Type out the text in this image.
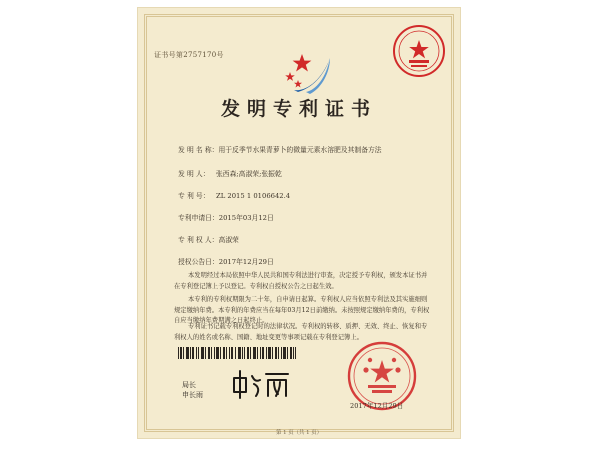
证书号第2757170号
发明专利证书
发 明 名 称：用于反季节水果青萝卜的微量元素水溶肥及其制备方法
发 明 人： 张西森;高淑荣;张振乾
专 利 号： ZL 2015 1 0106642.4
专利申请日：2015年03月12日
专 利 权 人：高淑荣
授权公告日：2017年12月29日
本发明经过本局依照中华人民共和国专利法进行审查，决定授予专利权，颁发本证书并在专利登记簿上予以登记。专利权自授权公告之日起生效。
本专利的专利权期限为二十年，自申请日起算。专利权人应当依照专利法及其实施细则规定缴纳年费。本专利的年费应当在每年03月12日前缴纳。未按照规定缴纳年费的，专利权自应当缴纳年费期满之日起终止。
专利证书记载专利权登记时的法律状况。专利权的转移、质押、无效、终止、恢复和专利权人的姓名或名称、国籍、地址变更等事项记载在专利登记簿上。
局长
申长雨
2017年12月29日
第 1 页（共 1 页）
